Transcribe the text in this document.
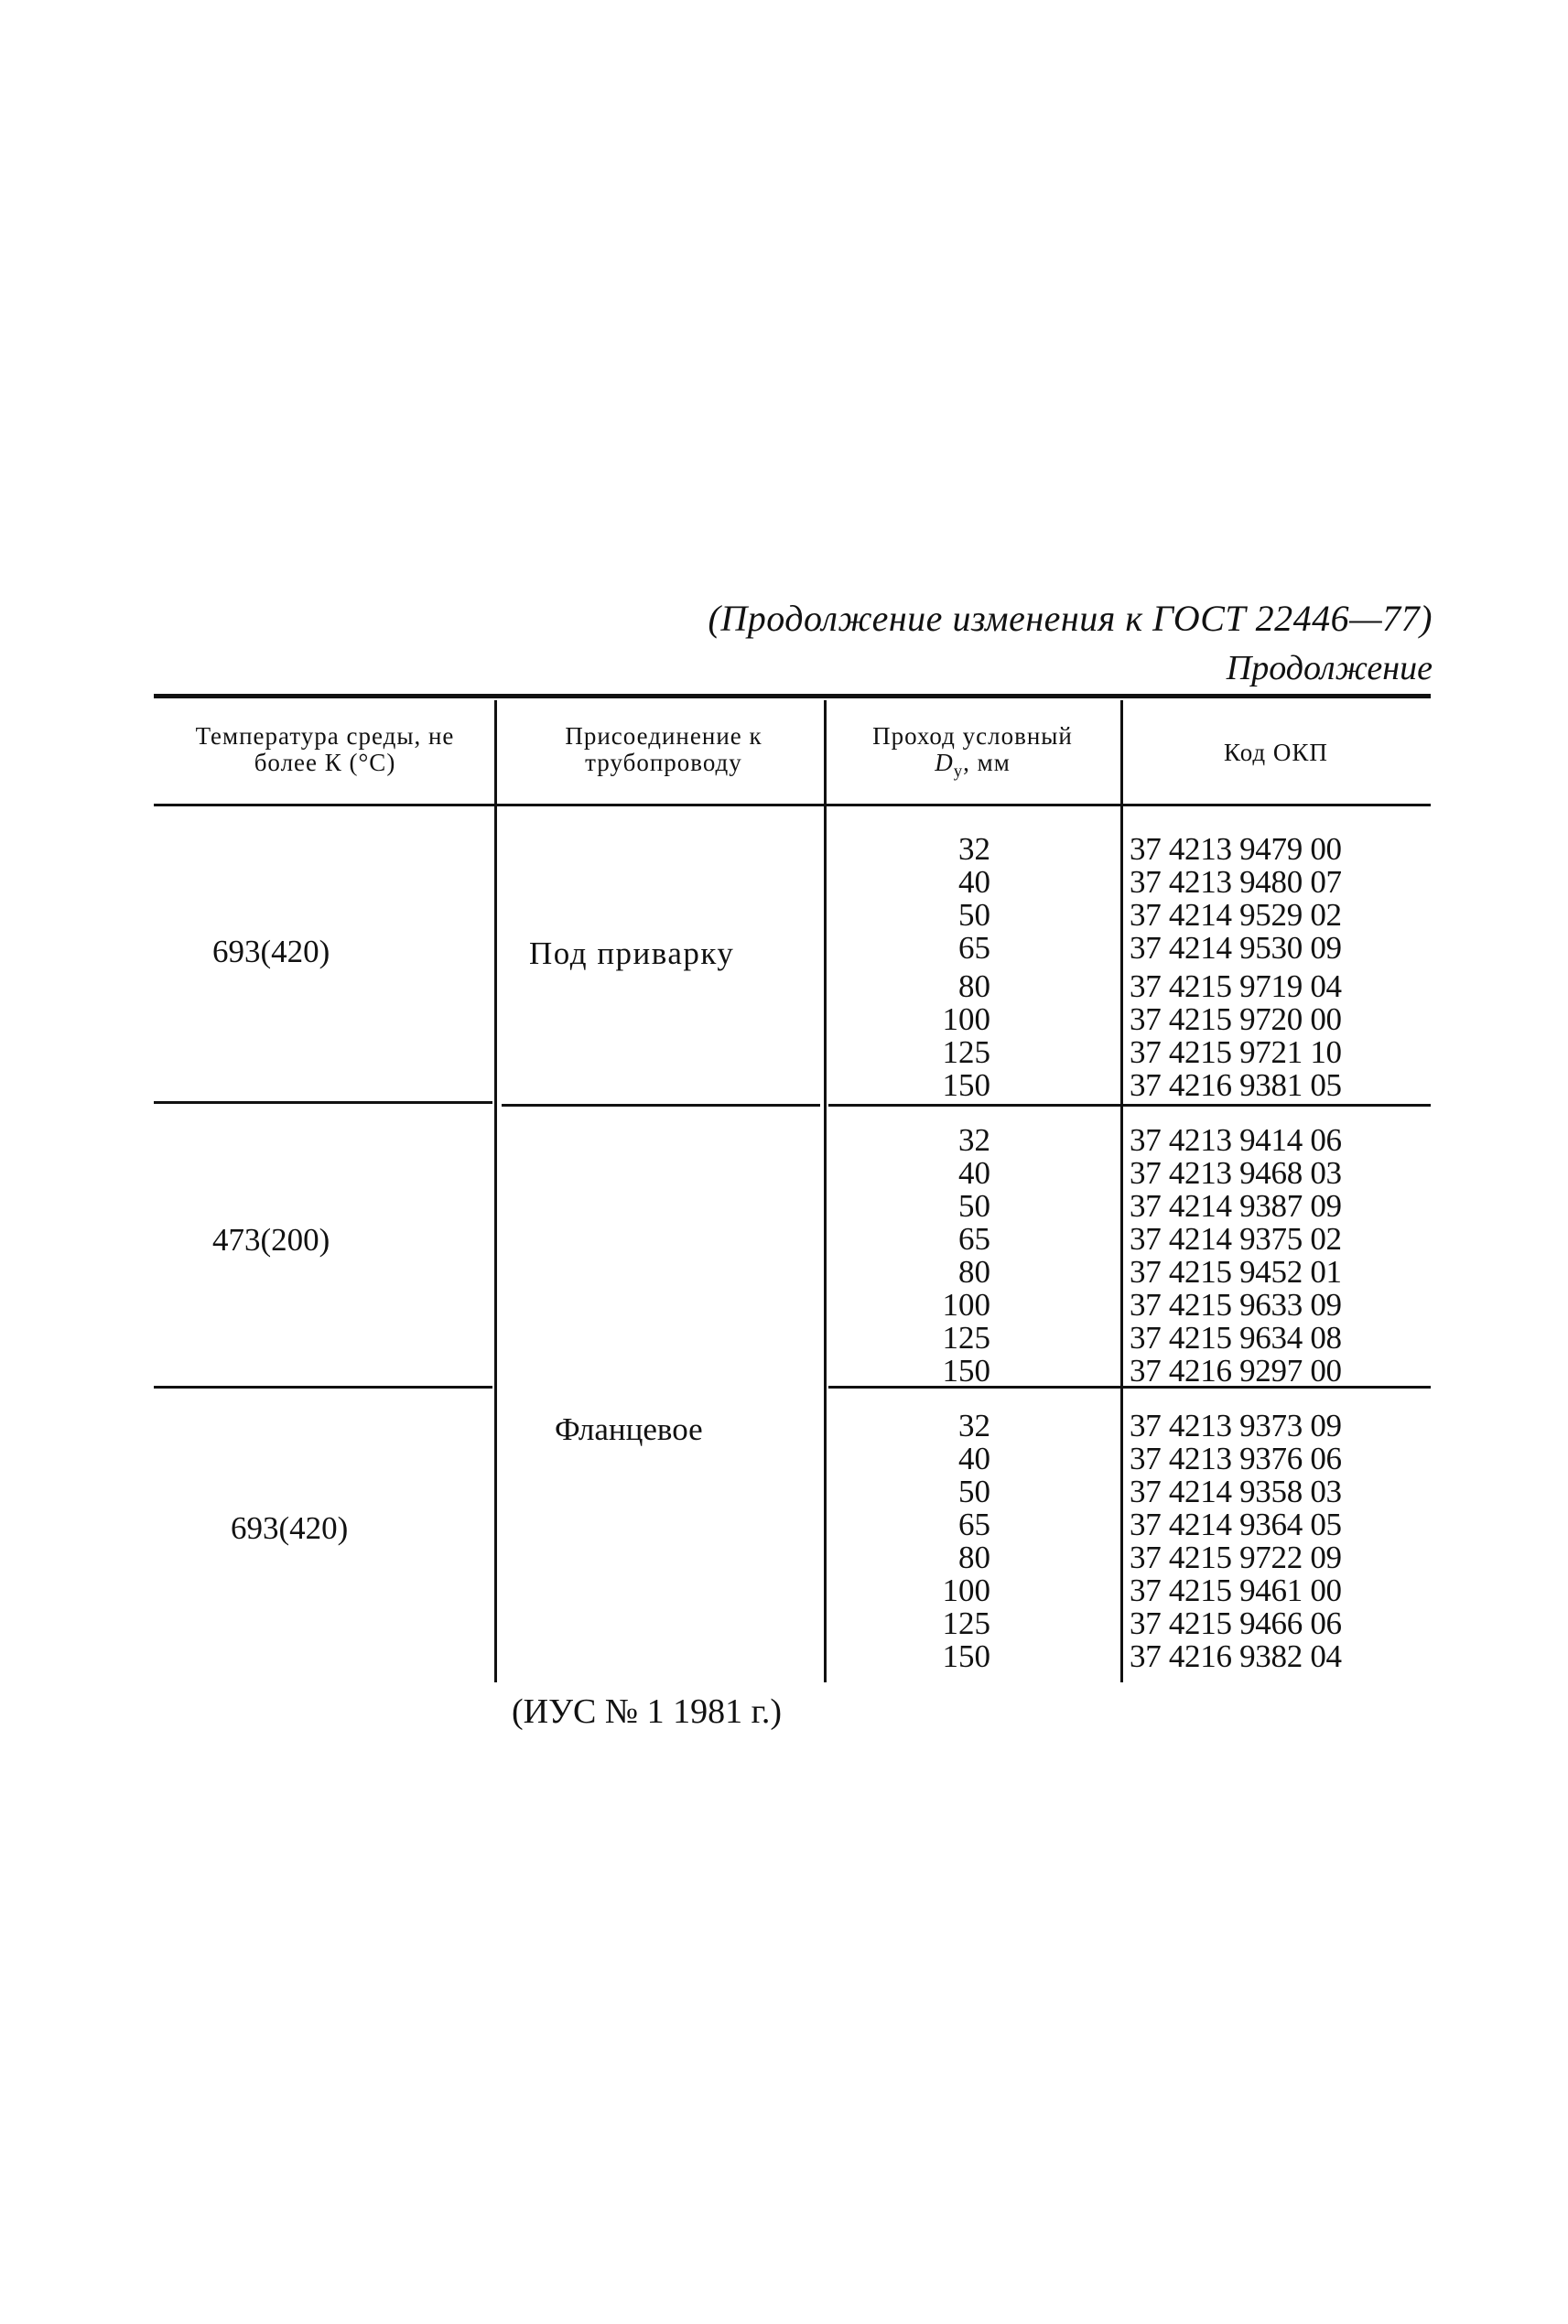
(Продолжение изменения к ГОСТ 22446—77)
Продолжение
Температура среды, не более К (°С)
Присоединение к трубопроводу
Проход условный
$D_у$, мм	Код ОКП
693(420)	Под приварку
32
40
50
65
80
100
125
150
37 4213 9479 00
37 4213 9480 07
37 4214 9529 02
37 4214 9530 09
37 4215 9719 04
37 4215 9720 00
37 4215 9721 10
37 4216 9381 05
473(200)
Фланцевое
32
40
50
65
80
100
125
150
37 4213 9414 06
37 4213 9468 03
37 4214 9387 09
37 4214 9375 02
37 4215 9452 01
37 4215 9633 09
37 4215 9634 08
37 4216 9297 00
693(420)
32
40
50
65
80
100
125
150
37 4213 9373 09
37 4213 9376 06
37 4214 9358 03
37 4214 9364 05
37 4215 9722 09
37 4215 9461 00
37 4215 9466 06
37 4216 9382 04
(ИУС № 1 1981 г.)
